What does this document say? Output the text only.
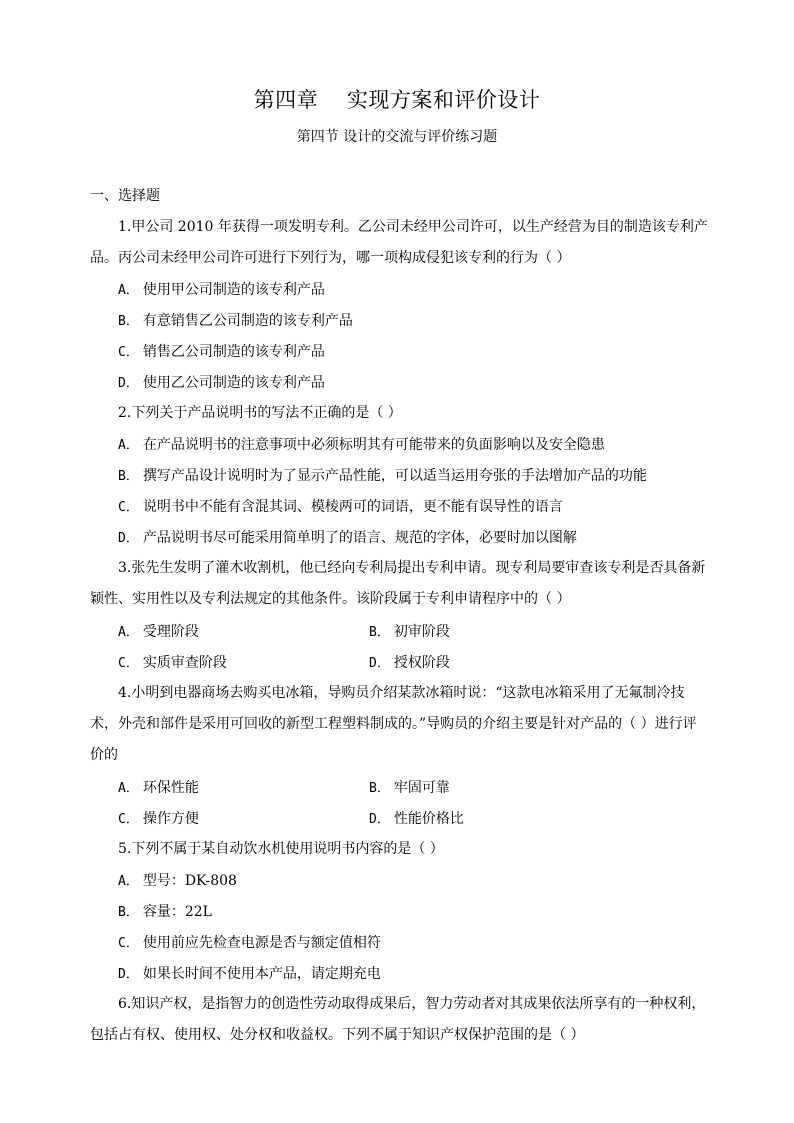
第四章    实现方案和评价设计
第四节 设计的交流与评价练习题
一、选择题
1.甲公司 2010 年获得一项发明专利。乙公司未经甲公司许可，以生产经营为目的制造该专利产品。丙公司未经甲公司许可进行下列行为，哪一项构成侵犯该专利的行为（ ）
A． 使用甲公司制造的该专利产品
B． 有意销售乙公司制造的该专利产品
C． 销售乙公司制造的该专利产品
D． 使用乙公司制造的该专利产品
2.下列关于产品说明书的写法不正确的是（ ）
A． 在产品说明书的注意事项中必须标明其有可能带来的负面影响以及安全隐患
B． 撰写产品设计说明时为了显示产品性能，可以适当运用夸张的手法增加产品的功能
C． 说明书中不能有含混其词、模棱两可的词语，更不能有误导性的语言
D． 产品说明书尽可能采用简单明了的语言、规范的字体，必要时加以图解
3.张先生发明了灌木收割机，他已经向专利局提出专利申请。现专利局要审查该专利是否具备新颖性、实用性以及专利法规定的其他条件。该阶段属于专利申请程序中的（ ）
A． 受理阶段	B． 初审阶段
C． 实质审查阶段	D． 授权阶段
4.小明到电器商场去购买电冰箱，导购员介绍某款冰箱时说：“这款电冰箱采用了无氟制冷技术，外壳和部件是采用可回收的新型工程塑料制成的。”导购员的介绍主要是针对产品的（ ）进行评价的
A． 环保性能	B． 牢固可靠
C． 操作方便	D． 性能价格比
5.下列不属于某自动饮水机使用说明书内容的是（ ）
A． 型号：DK-808
B． 容量：22L
C． 使用前应先检查电源是否与额定值相符
D． 如果长时间不使用本产品，请定期充电
6.知识产权，是指智力的创造性劳动取得成果后，智力劳动者对其成果依法所享有的一种权利，包括占有权、使用权、处分权和收益权。下列不属于知识产权保护范围的是（ ）
